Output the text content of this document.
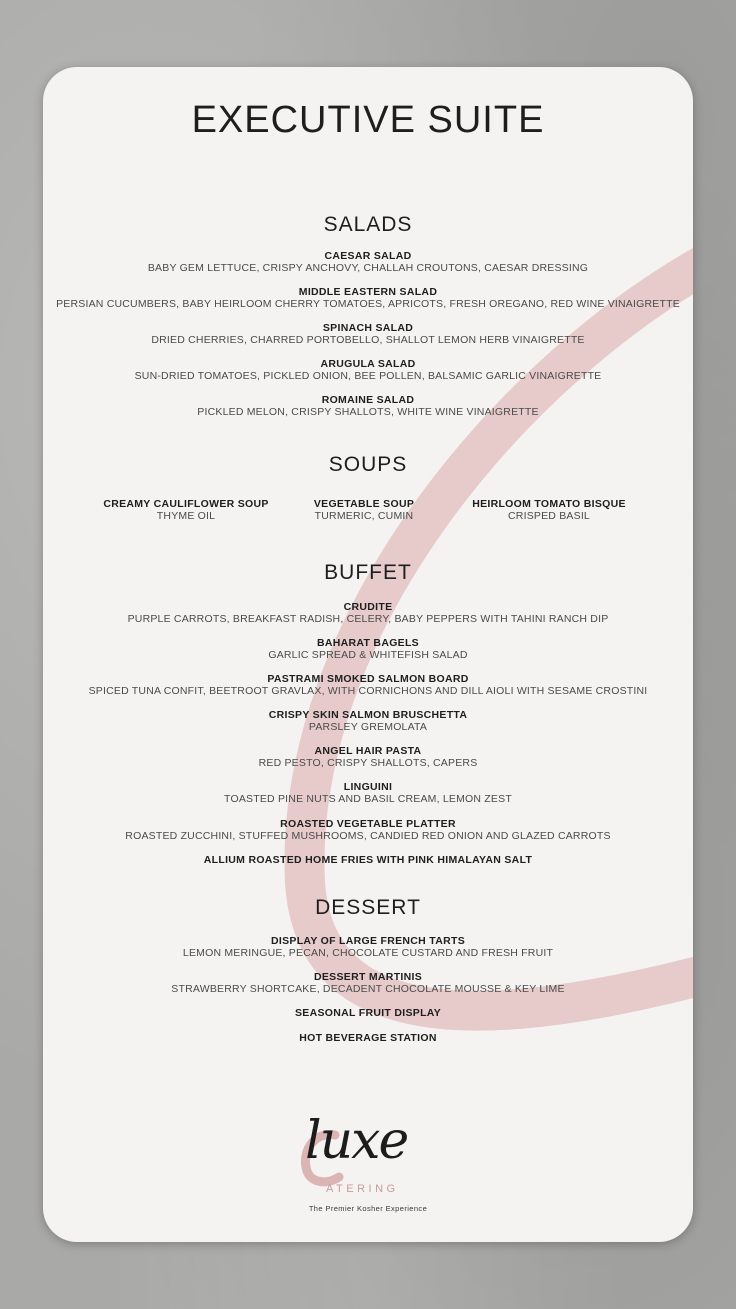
EXECUTIVE SUITE
SALADS
CAESAR SALAD
BABY GEM LETTUCE, CRISPY ANCHOVY, CHALLAH CROUTONS, CAESAR DRESSING
MIDDLE EASTERN SALAD
PERSIAN CUCUMBERS, BABY HEIRLOOM CHERRY TOMATOES, APRICOTS, FRESH OREGANO, RED WINE VINAIGRETTE
SPINACH SALAD
DRIED CHERRIES, CHARRED PORTOBELLO, SHALLOT LEMON HERB VINAIGRETTE
ARUGULA SALAD
SUN-DRIED TOMATOES, PICKLED ONION, BEE POLLEN, BALSAMIC GARLIC VINAIGRETTE
ROMAINE SALAD
PICKLED MELON, CRISPY SHALLOTS, WHITE WINE VINAIGRETTE
SOUPS
CREAMY CAULIFLOWER SOUP
THYME OIL
VEGETABLE SOUP
TURMERIC, CUMIN
HEIRLOOM TOMATO BISQUE
CRISPED BASIL
BUFFET
CRUDITE
PURPLE CARROTS, BREAKFAST RADISH, CELERY, BABY PEPPERS WITH TAHINI RANCH DIP
BAHARAT BAGELS
GARLIC SPREAD & WHITEFISH SALAD
PASTRAMI SMOKED SALMON BOARD
SPICED TUNA CONFIT, BEETROOT GRAVLAX, WITH CORNICHONS AND DILL AIOLI WITH SESAME CROSTINI
CRISPY SKIN SALMON BRUSCHETTA
PARSLEY GREMOLATA
ANGEL HAIR PASTA
RED PESTO, CRISPY SHALLOTS, CAPERS
LINGUINI
TOASTED PINE NUTS AND BASIL CREAM, LEMON ZEST
ROASTED VEGETABLE PLATTER
ROASTED ZUCCHINI, STUFFED MUSHROOMS, CANDIED RED ONION AND GLAZED CARROTS
ALLIUM ROASTED HOME FRIES WITH PINK HIMALAYAN SALT
DESSERT
DISPLAY OF LARGE FRENCH TARTS
LEMON MERINGUE, PECAN, CHOCOLATE CUSTARD AND FRESH FRUIT
DESSERT MARTINIS
STRAWBERRY SHORTCAKE, DECADENT CHOCOLATE MOUSSE & KEY LIME
SEASONAL FRUIT DISPLAY
HOT BEVERAGE STATION
luxe
ATERING
The Premier Kosher Experience
